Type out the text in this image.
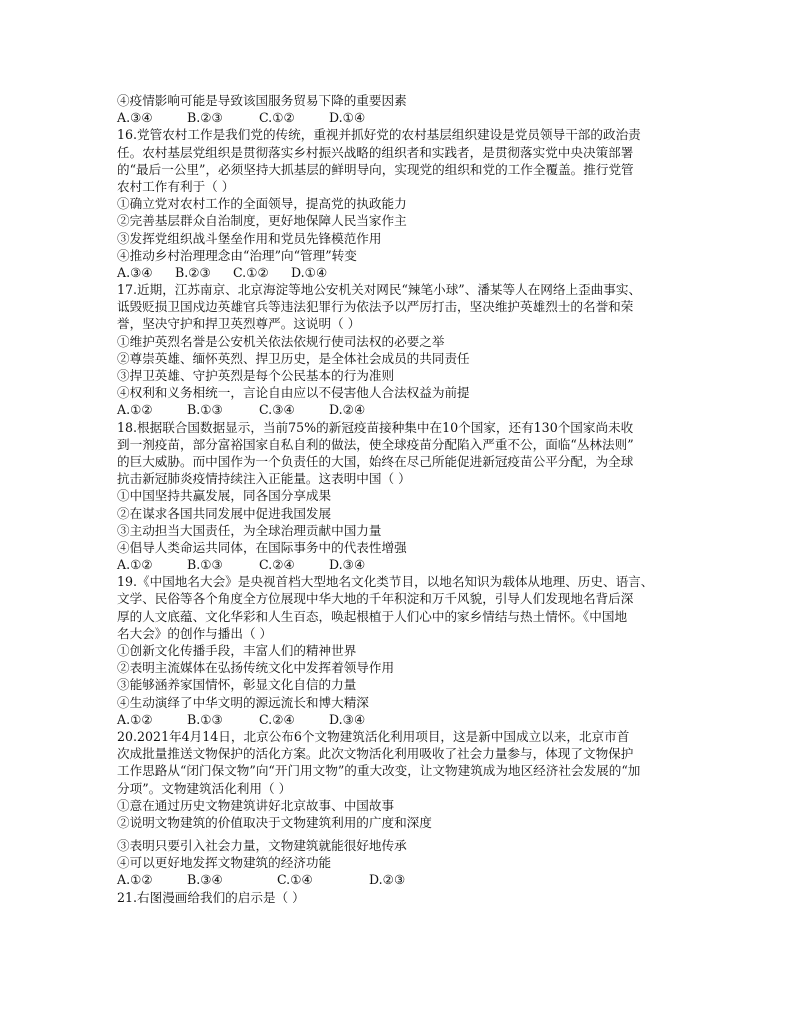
④疫情影响可能是导致该国服务贸易下降的重要因素
A.③④	B.②③	C.①②	D.①④
16.党管农村工作是我们党的传统，重视并抓好党的农村基层组织建设是党员领导干部的政治责
任。农村基层党组织是贯彻落实乡村振兴战略的组织者和实践者，是贯彻落实党中央决策部署
的“最后一公里”，必须坚持大抓基层的鲜明导向，实现党的组织和党的工作全覆盖。推行党管
农村工作有利于（ ）
①确立党对农村工作的全面领导，提高党的执政能力
②完善基层群众自治制度，更好地保障人民当家作主
③发挥党组织战斗堡垒作用和党员先锋模范作用
④推动乡村治理理念由“治理”向“管理”转变
A.③④	B.②③	C.①②	D.①④
17.近期，江苏南京、北京海淀等地公安机关对网民“辣笔小球”、潘某等人在网络上歪曲事实、
诋毁贬损卫国戍边英雄官兵等违法犯罪行为依法予以严厉打击，坚决维护英雄烈士的名誉和荣
誉，坚决守护和捍卫英烈尊严。这说明（ ）
①维护英烈名誉是公安机关依法依规行使司法权的必要之举
②尊崇英雄、缅怀英烈、捍卫历史，是全体社会成员的共同责任
③捍卫英雄、守护英烈是每个公民基本的行为准则
④权利和义务相统一，言论自由应以不侵害他人合法权益为前提
A.①②	B.①③	C.③④	D.②④
18.根据联合国数据显示，当前75%的新冠疫苗接种集中在10个国家，还有130个国家尚未收
到一剂疫苗，部分富裕国家自私自利的做法，使全球疫苗分配陷入严重不公，面临“丛林法则”
的巨大威胁。而中国作为一个负责任的大国，始终在尽己所能促进新冠疫苗公平分配，为全球
抗击新冠肺炎疫情持续注入正能量。这表明中国（ ）
①中国坚持共赢发展，同各国分享成果
②在谋求各国共同发展中促进我国发展
③主动担当大国责任，为全球治理贡献中国力量
④倡导人类命运共同体，在国际事务中的代表性增强
A.①②	B.①③	C.②④	D.③④
19.《中国地名大会》是央视首档大型地名文化类节目，以地名知识为载体从地理、历史、语言、
文学、民俗等各个角度全方位展现中华大地的千年积淀和万千风貌，引导人们发现地名背后深
厚的人文底蕴、文化华彩和人生百态，唤起根植于人们心中的家乡情结与热土情怀。《中国地
名大会》的创作与播出（ ）
①创新文化传播手段，丰富人们的精神世界
②表明主流媒体在弘扬传统文化中发挥着领导作用
③能够涵养家国情怀，彰显文化自信的力量
④生动演绎了中华文明的源远流长和博大精深
A.①②	B.①③	C.②④	D.③④
20.2021年4月14日，北京公布6个文物建筑活化利用项目，这是新中国成立以来，北京市首
次成批量推送文物保护的活化方案。此次文物活化利用吸收了社会力量参与，体现了文物保护
工作思路从“闭门保文物”向“开门用文物”的重大改变，让文物建筑成为地区经济社会发展的“加
分项”。文物建筑活化利用（ ）
①意在通过历史文物建筑讲好北京故事、中国故事
②说明文物建筑的价值取决于文物建筑利用的广度和深度
③表明只要引入社会力量，文物建筑就能很好地传承
④可以更好地发挥文物建筑的经济功能
A.①②	B.③④	C.①④	D.②③
21.右图漫画给我们的启示是（ ）
